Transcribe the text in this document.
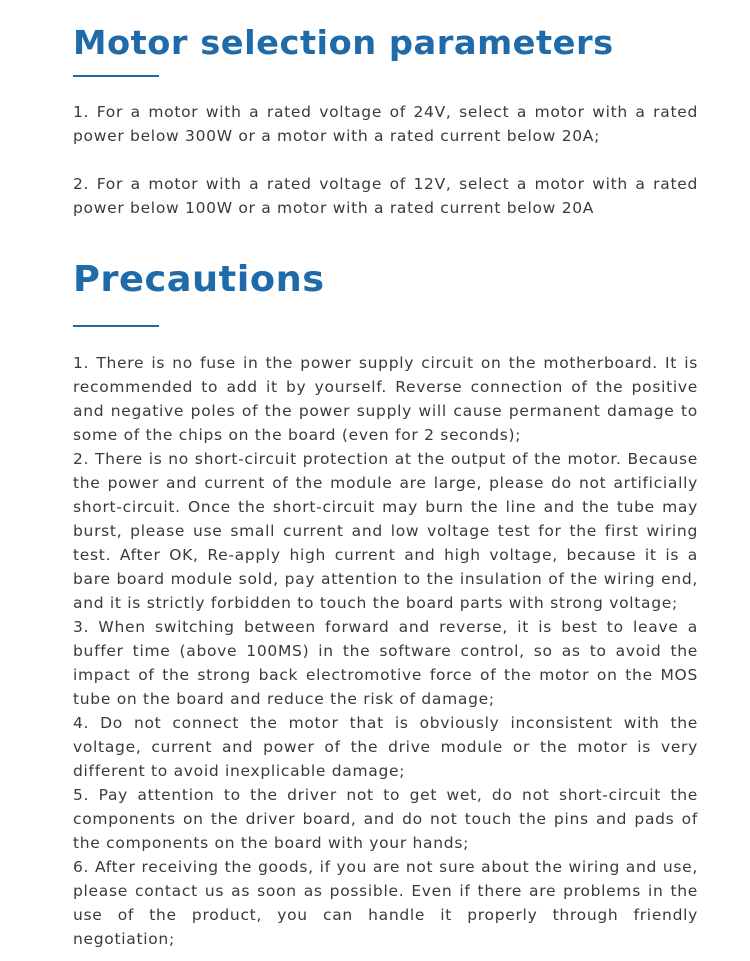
Motor selection parameters

1. For a motor with a rated voltage of 24V, select a motor with a rated power below 300W or a motor with a rated current below 20A;

2. For a motor with a rated voltage of 12V, select a motor with a rated power below 100W or a motor with a rated current below 20A

Precautions
1. There is no fuse in the power supply circuit on the motherboard. It is recommended to add it by yourself. Reverse connection of the positive and negative poles of the power supply will cause permanent damage to some of the chips on the board (even for 2 seconds);
2. There is no short-circuit protection at the output of the motor. Because the power and current of the module are large, please do not artificially short-circuit. Once the short-circuit may burn the line and the tube may burst, please use small current and low voltage test for the first wiring test. After OK, Re-apply high current and high voltage, because it is a bare board module sold, pay attention to the insulation of the wiring end, and it is strictly forbidden to touch the board parts with strong voltage;
3. When switching between forward and reverse, it is best to leave a buffer time (above 100MS) in the software control, so as to avoid the impact of the strong back electromotive force of the motor on the MOS tube on the board and reduce the risk of damage;
4. Do not connect the motor that is obviously inconsistent with the voltage, current and power of the drive module or the motor is very different to avoid inexplicable damage;
5. Pay attention to the driver not to get wet, do not short-circuit the components on the driver board, and do not touch the pins and pads of the components on the board with your hands;
6. After receiving the goods, if you are not sure about the wiring and use, please contact us as soon as possible. Even if there are problems in the use of the product, you can handle it properly through friendly negotiation;
